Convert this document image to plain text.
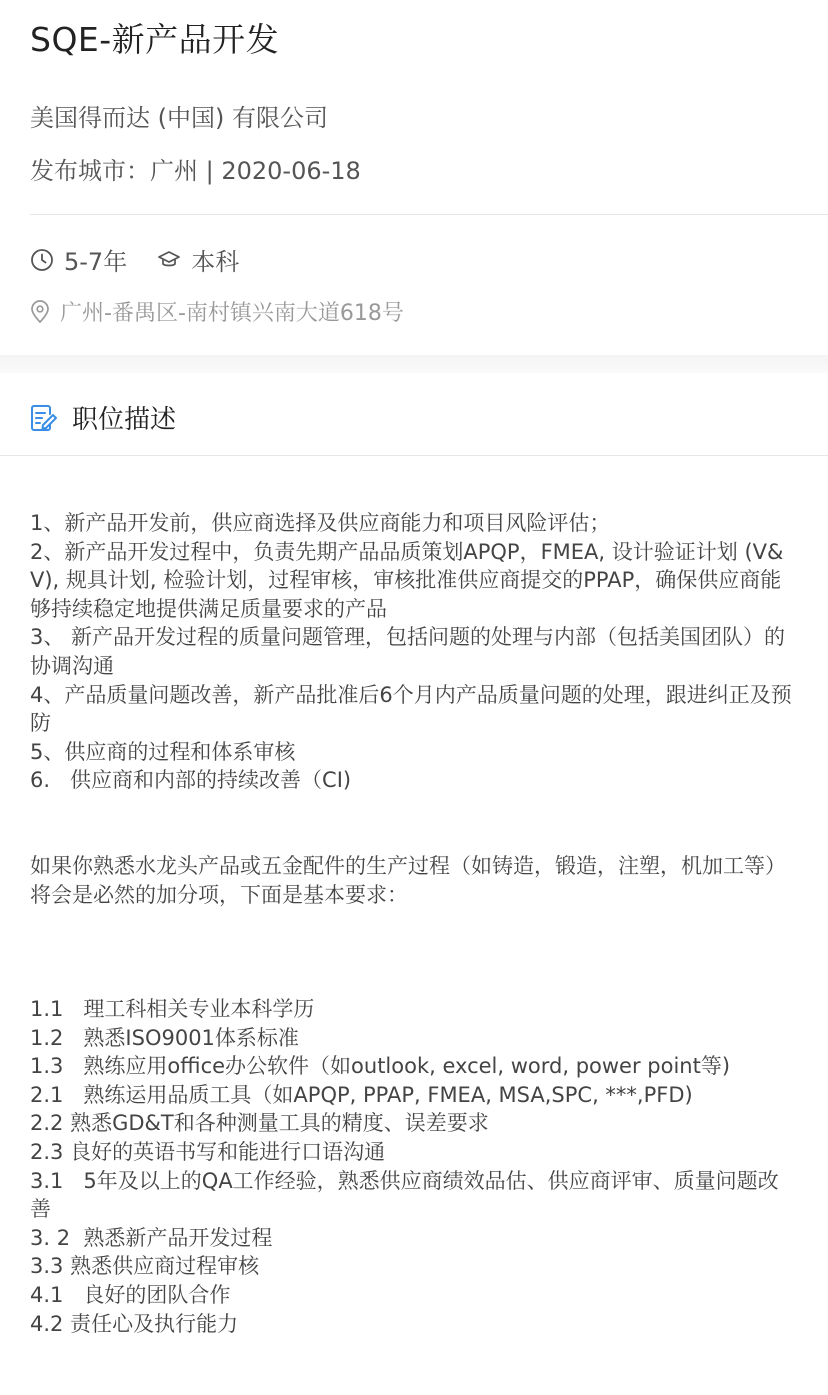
SQE-新产品开发
美国得而达 (中国) 有限公司
发布城市：广州 | 2020-06-18
5-7年	本科
广州-番禺区-南村镇兴南大道618号
职位描述
1、新产品开发前，供应商选择及供应商能力和项目风险评估；
2、新产品开发过程中，负责先期产品品质策划APQP，FMEA, 设计验证计划 (V&V), 规具计划, 检验计划，过程审核，审核批准供应商提交的PPAP，确保供应商能够持续稳定地提供满足质量要求的产品
3、 新产品开发过程的质量问题管理，包括问题的处理与内部（包括美国团队）的协调沟通
4、产品质量问题改善，新产品批准后6个月内产品质量问题的处理，跟进纠正及预防
5、供应商的过程和体系审核
6.   供应商和内部的持续改善（CI)

如果你熟悉水龙头产品或五金配件的生产过程（如铸造，锻造，注塑，机加工等）将会是必然的加分项，下面是基本要求：

1.1   理工科相关专业本科学历
1.2   熟悉ISO9001体系标准
1.3   熟练应用office办公软件（如outlook, excel, word, power point等)
2.1   熟练运用品质工具（如APQP, PPAP, FMEA, MSA,SPC, ***,PFD)
2.2 熟悉GD&T和各种测量工具的精度、误差要求
2.3 良好的英语书写和能进行口语沟通
3.1   5年及以上的QA工作经验，熟悉供应商绩效品估、供应商评审、质量问题改善
3. 2  熟悉新产品开发过程
3.3 熟悉供应商过程审核
4.1   良好的团队合作
4.2 责任心及执行能力
